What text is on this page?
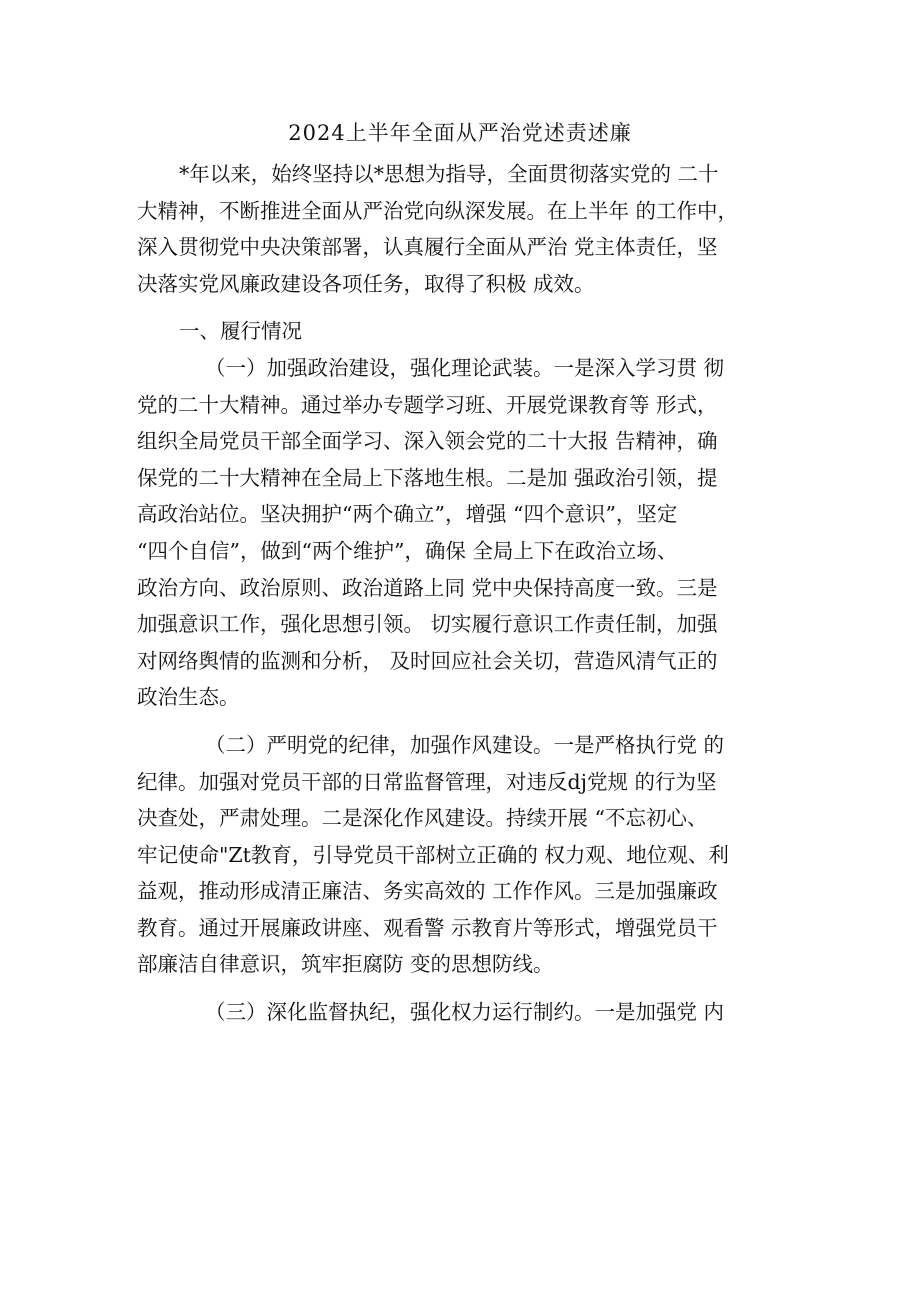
2024上半年全面从严治党述责述廉
*年以来，始终坚持以*思想为指导，全面贯彻落实党的 二十
大精神，不断推进全面从严治党向纵深发展。在上半年 的工作中，
深入贯彻党中央决策部署，认真履行全面从严治 党主体责任，坚
决落实党风廉政建设各项任务，取得了积极 成效。
一、履行情况
（一）加强政治建设，强化理论武装。一是深入学习贯 彻
党的二十大精神。通过举办专题学习班、开展党课教育等 形式，
组织全局党员干部全面学习、深入领会党的二十大报 告精神，确
保党的二十大精神在全局上下落地生根。二是加 强政治引领，提
高政治站位。坚决拥护“两个确立”，增强 “四个意识”，坚定
“四个自信”，做到“两个维护”，确保 全局上下在政治立场、
政治方向、政治原则、政治道路上同 党中央保持高度一致。三是
加强意识工作，强化思想引领。 切实履行意识工作责任制，加强
对网络舆情的监测和分析， 及时回应社会关切，营造风清气正的
政治生态。
（二）严明党的纪律，加强作风建设。一是严格执行党 的
纪律。加强对党员干部的日常监督管理，对违反dj党规 的行为坚
决查处，严肃处理。二是深化作风建设。持续开展 “不忘初心、
牢记使命"Zt教育，引导党员干部树立正确的 权力观、地位观、利
益观，推动形成清正廉洁、务实高效的 工作作风。三是加强廉政
教育。通过开展廉政讲座、观看警 示教育片等形式，增强党员干
部廉洁自律意识，筑牢拒腐防 变的思想防线。
（三）深化监督执纪，强化权力运行制约。一是加强党 内
